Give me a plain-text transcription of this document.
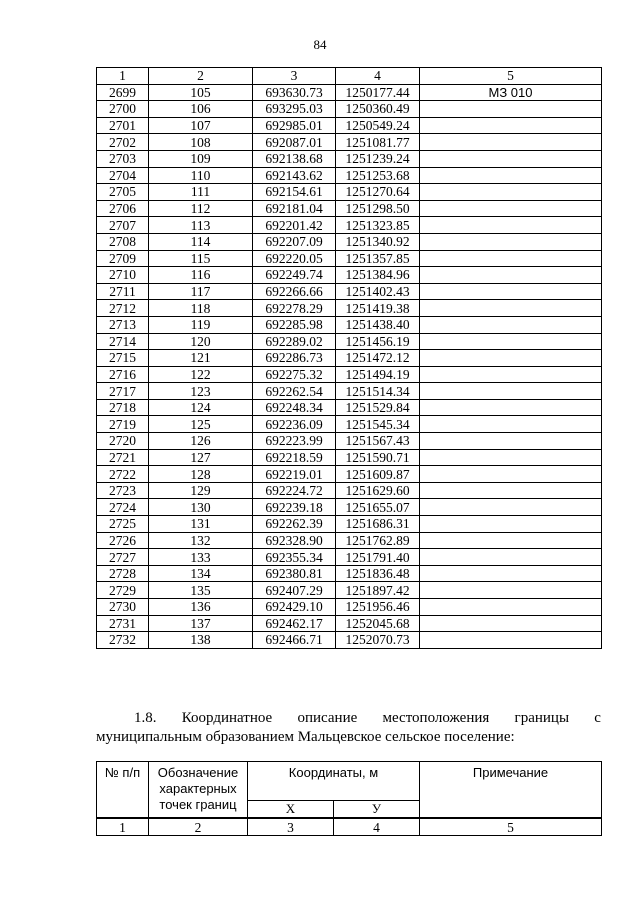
84
1	2	3	4	5
2699	105	693630.73	1250177.44	МЗ 010
2700	106	693295.03	1250360.49	
2701	107	692985.01	1250549.24	
2702	108	692087.01	1251081.77	
2703	109	692138.68	1251239.24	
2704	110	692143.62	1251253.68	
2705	111	692154.61	1251270.64	
2706	112	692181.04	1251298.50	
2707	113	692201.42	1251323.85	
2708	114	692207.09	1251340.92	
2709	115	692220.05	1251357.85	
2710	116	692249.74	1251384.96	
2711	117	692266.66	1251402.43	
2712	118	692278.29	1251419.38	
2713	119	692285.98	1251438.40	
2714	120	692289.02	1251456.19	
2715	121	692286.73	1251472.12	
2716	122	692275.32	1251494.19	
2717	123	692262.54	1251514.34	
2718	124	692248.34	1251529.84	
2719	125	692236.09	1251545.34	
2720	126	692223.99	1251567.43	
2721	127	692218.59	1251590.71	
2722	128	692219.01	1251609.87	
2723	129	692224.72	1251629.60	
2724	130	692239.18	1251655.07	
2725	131	692262.39	1251686.31	
2726	132	692328.90	1251762.89	
2727	133	692355.34	1251791.40	
2728	134	692380.81	1251836.48	
2729	135	692407.29	1251897.42	
2730	136	692429.10	1251956.46	
2731	137	692462.17	1252045.68	
2732	138	692466.71	1252070.73	
1.8. Координатное описание местоположения границы с
муниципальным образованием Мальцевское сельское поселение:
№ п/п	Обозначение характерных точек границ	Координаты, м		Примечание
		X	У	
1	2	3	4	5
